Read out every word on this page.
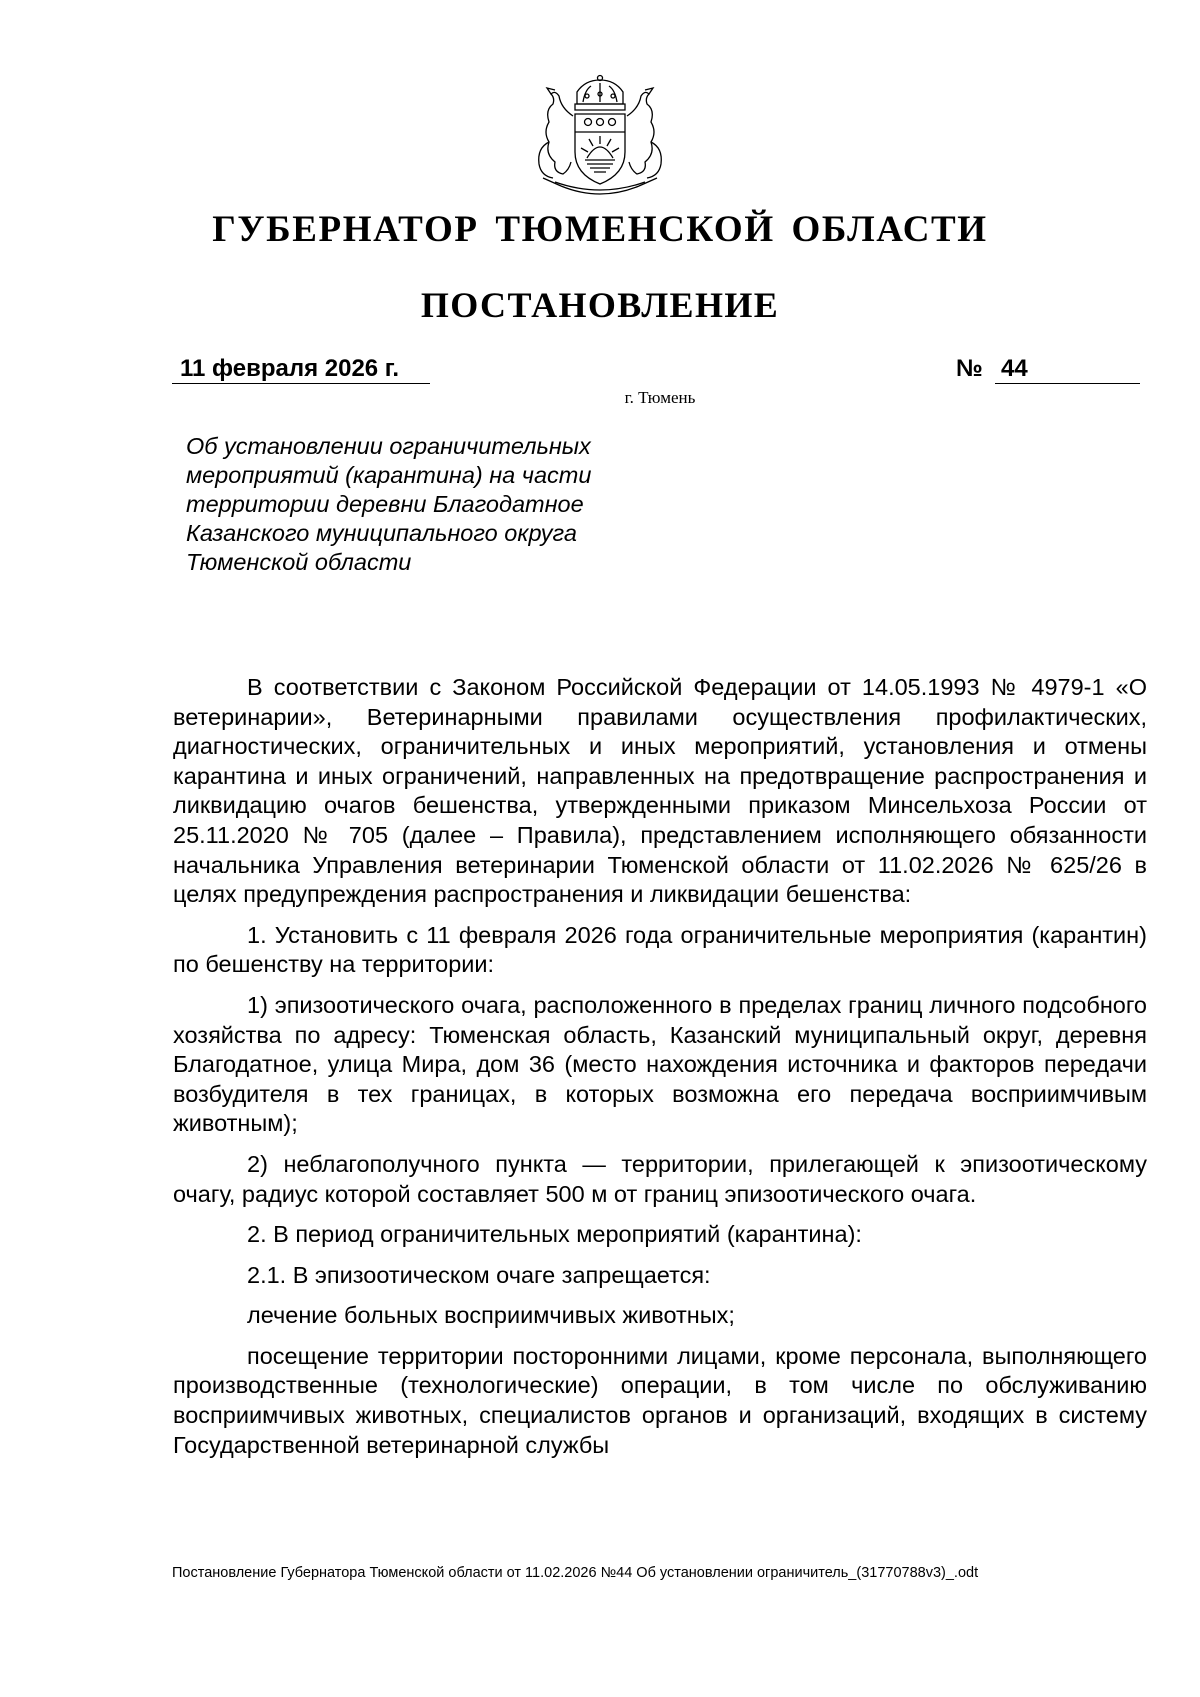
ГУБЕРНАТОР ТЮМЕНСКОЙ ОБЛАСТИ
ПОСТАНОВЛЕНИЕ
11 февраля 2026 г.	№ 44
г. Тюмень
Об установлении ограничительных
мероприятий (карантина) на части
территории деревни Благодатное
Казанского муниципального округа
Тюменской области

В соответствии с Законом Российской Федерации от 14.05.1993 № 4979-1 «О ветеринарии», Ветеринарными правилами осуществления профилактических, диагностических, ограничительных и иных мероприятий, установления и отмены карантина и иных ограничений, направленных на предотвращение распространения и ликвидацию очагов бешенства, утвержденными приказом Минсельхоза России от 25.11.2020 № 705 (далее – Правила), представлением исполняющего обязанности начальника Управления ветеринарии Тюменской области от 11.02.2026 № 625/26 в целях предупреждения распространения и ликвидации бешенства:

1. Установить с 11 февраля 2026 года ограничительные мероприятия (карантин) по бешенству на территории:

1) эпизоотического очага, расположенного в пределах границ личного подсобного хозяйства по адресу: Тюменская область, Казанский муниципальный округ, деревня Благодатное, улица Мира, дом 36 (место нахождения источника и факторов передачи возбудителя в тех границах, в которых возможна его передача восприимчивым животным);

2) неблагополучного пункта — территории, прилегающей к эпизоотическому очагу, радиус которой составляет 500 м от границ эпизоотического очага.

2. В период ограничительных мероприятий (карантина):

2.1. В эпизоотическом очаге запрещается:

лечение больных восприимчивых животных;

посещение территории посторонними лицами, кроме персонала, выполняющего производственные (технологические) операции, в том числе по обслуживанию восприимчивых животных, специалистов органов и организаций, входящих в систему Государственной ветеринарной службы

Постановление Губернатора Тюменской области от 11.02.2026 №44 Об установлении ограничитель_(31770788v3)_.odt
